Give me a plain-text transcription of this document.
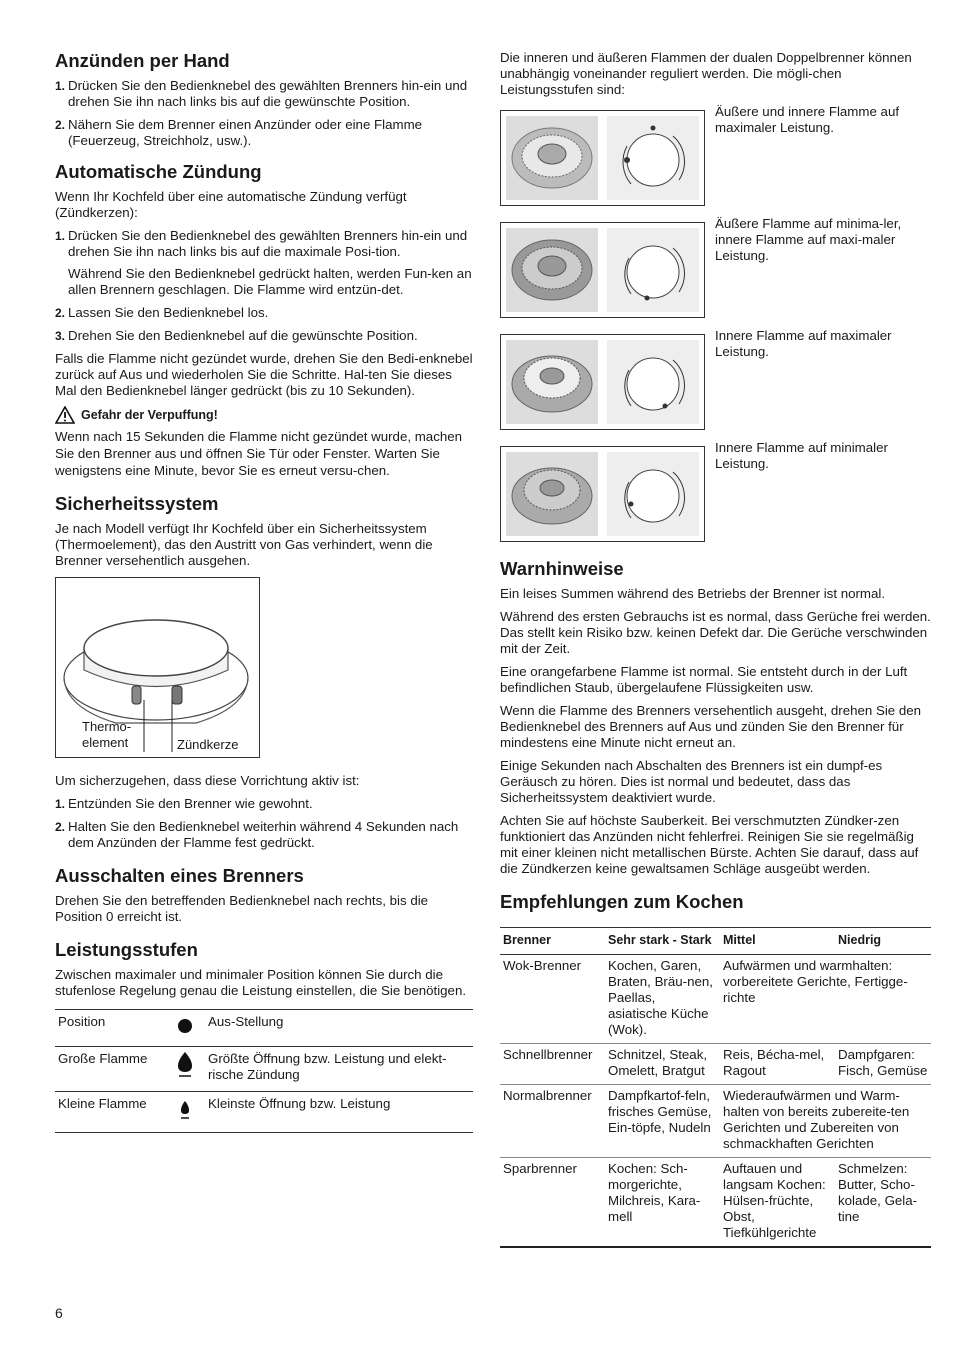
Anzünden per Hand
1. Drücken Sie den Bedienknebel des gewählten Brenners hin-ein und drehen Sie ihn nach links bis auf die gewünschte Position.
2. Nähern Sie dem Brenner einen Anzünder oder eine Flamme (Feuerzeug, Streichholz, usw.).
Automatische Zündung

Wenn Ihr Kochfeld über eine automatische Zündung verfügt (Zündkerzen):

1. Drücken Sie den Bedienknebel des gewählten Brenners hin-ein und drehen Sie ihn nach links bis auf die maximale Posi-tion.
Während Sie den Bedienknebel gedrückt halten, werden Fun-ken an allen Brennern geschlagen. Die Flamme wird entzün-det.
2. Lassen Sie den Bedienknebel los.
3. Drehen Sie den Bedienknebel auf die gewünschte Position.

Falls die Flamme nicht gezündet wurde, drehen Sie den Bedi-enknebel zurück auf Aus und wiederholen Sie die Schritte. Hal-ten Sie dieses Mal den Bedienknebel länger gedrückt (bis zu 10 Sekunden).

Gefahr der Verpuffung!

Wenn nach 15 Sekunden die Flamme nicht gezündet wurde, machen Sie den Brenner aus und öffnen Sie Tür oder Fenster. Warten Sie wenigstens eine Minute, bevor Sie es erneut versu-chen.

Sicherheitssystem

Je nach Modell verfügt Ihr Kochfeld über ein Sicherheitssystem (Thermoelement), das den Austritt von Gas verhindert, wenn die Brenner versehentlich ausgehen.

Thermo-element	Zündkerze

Um sicherzugehen, dass diese Vorrichtung aktiv ist:

1. Entzünden Sie den Brenner wie gewohnt.
2. Halten Sie den Bedienknebel weiterhin während 4 Sekunden nach dem Anzünden der Flamme fest gedrückt.
Ausschalten eines Brenners

Drehen Sie den betreffenden Bedienknebel nach rechts, bis die Position 0 erreicht ist.

Leistungsstufen

Zwischen maximaler und minimaler Position können Sie durch die stufenlose Regelung genau die Leistung einstellen, die Sie benötigen.

Position		Aus-Stellung
Große Flamme		Größte Öffnung bzw. Leistung und elekt-rische Zündung
Kleine Flamme		Kleinste Öffnung bzw. Leistung

Die inneren und äußeren Flammen der dualen Doppelbrenner können unabhängig voneinander reguliert werden. Die mögli-chen Leistungsstufen sind:

Äußere und innere Flamme auf maximaler Leistung.
Äußere Flamme auf minima-ler, innere Flamme auf maxi-maler Leistung.
Innere Flamme auf maximaler Leistung.
Innere Flamme auf minimaler Leistung.
Warnhinweise

Ein leises Summen während des Betriebs der Brenner ist normal.

Während des ersten Gebrauchs ist es normal, dass Gerüche frei werden. Das stellt kein Risiko bzw. keinen Defekt dar. Die Gerüche verschwinden mit der Zeit.

Eine orangefarbene Flamme ist normal. Sie entsteht durch in der Luft befindlichen Staub, übergelaufene Flüssigkeiten usw.

Wenn die Flamme des Brenners versehentlich ausgeht, drehen Sie den Bedienknebel des Brenners auf Aus und zünden Sie den Brenner für mindestens eine Minute nicht erneut an.

Einige Sekunden nach Abschalten des Brenners ist ein dumpf-es Geräusch zu hören. Dies ist normal und bedeutet, dass das Sicherheitssystem deaktiviert wurde.

Achten Sie auf höchste Sauberkeit. Bei verschmutzten Zündker-zen funktioniert das Anzünden nicht fehlerfrei. Reinigen Sie sie regelmäßig mit einer kleinen nicht metallischen Bürste. Achten Sie darauf, dass auf die Zündkerzen keine gewaltsamen Schläge ausgeübt werden.

Empfehlungen zum Kochen
Brenner	Sehr stark - Stark	Mittel	Niedrig
Wok-Brenner	Kochen, Garen, Braten, Bräu-nen, Paellas, asiatische Küche (Wok).	Aufwärmen und warmhalten: vorbereitete Gerichte, Fertigge-richte	
Schnellbrenner	Schnitzel, Steak, Omelett, Bratgut	Reis, Bécha-mel, Ragout	Dampfgaren: Fisch, Gemüse
Normalbrenner	Dampfkartof-feln, frisches Gemüse, Ein-töpfe, Nudeln	Wiederaufwärmen und Warm-halten von bereits zubereite-ten Gerichten und Zubereiten von schmackhaften Gerichten	
Sparbrenner	Kochen: Sch-morgerichte, Milchreis, Kara-mell	Auftauen und langsam Kochen: Hülsen-früchte, Obst, Tiefkühlgerichte	Schmelzen: Butter, Scho-kolade, Gela-tine
6
